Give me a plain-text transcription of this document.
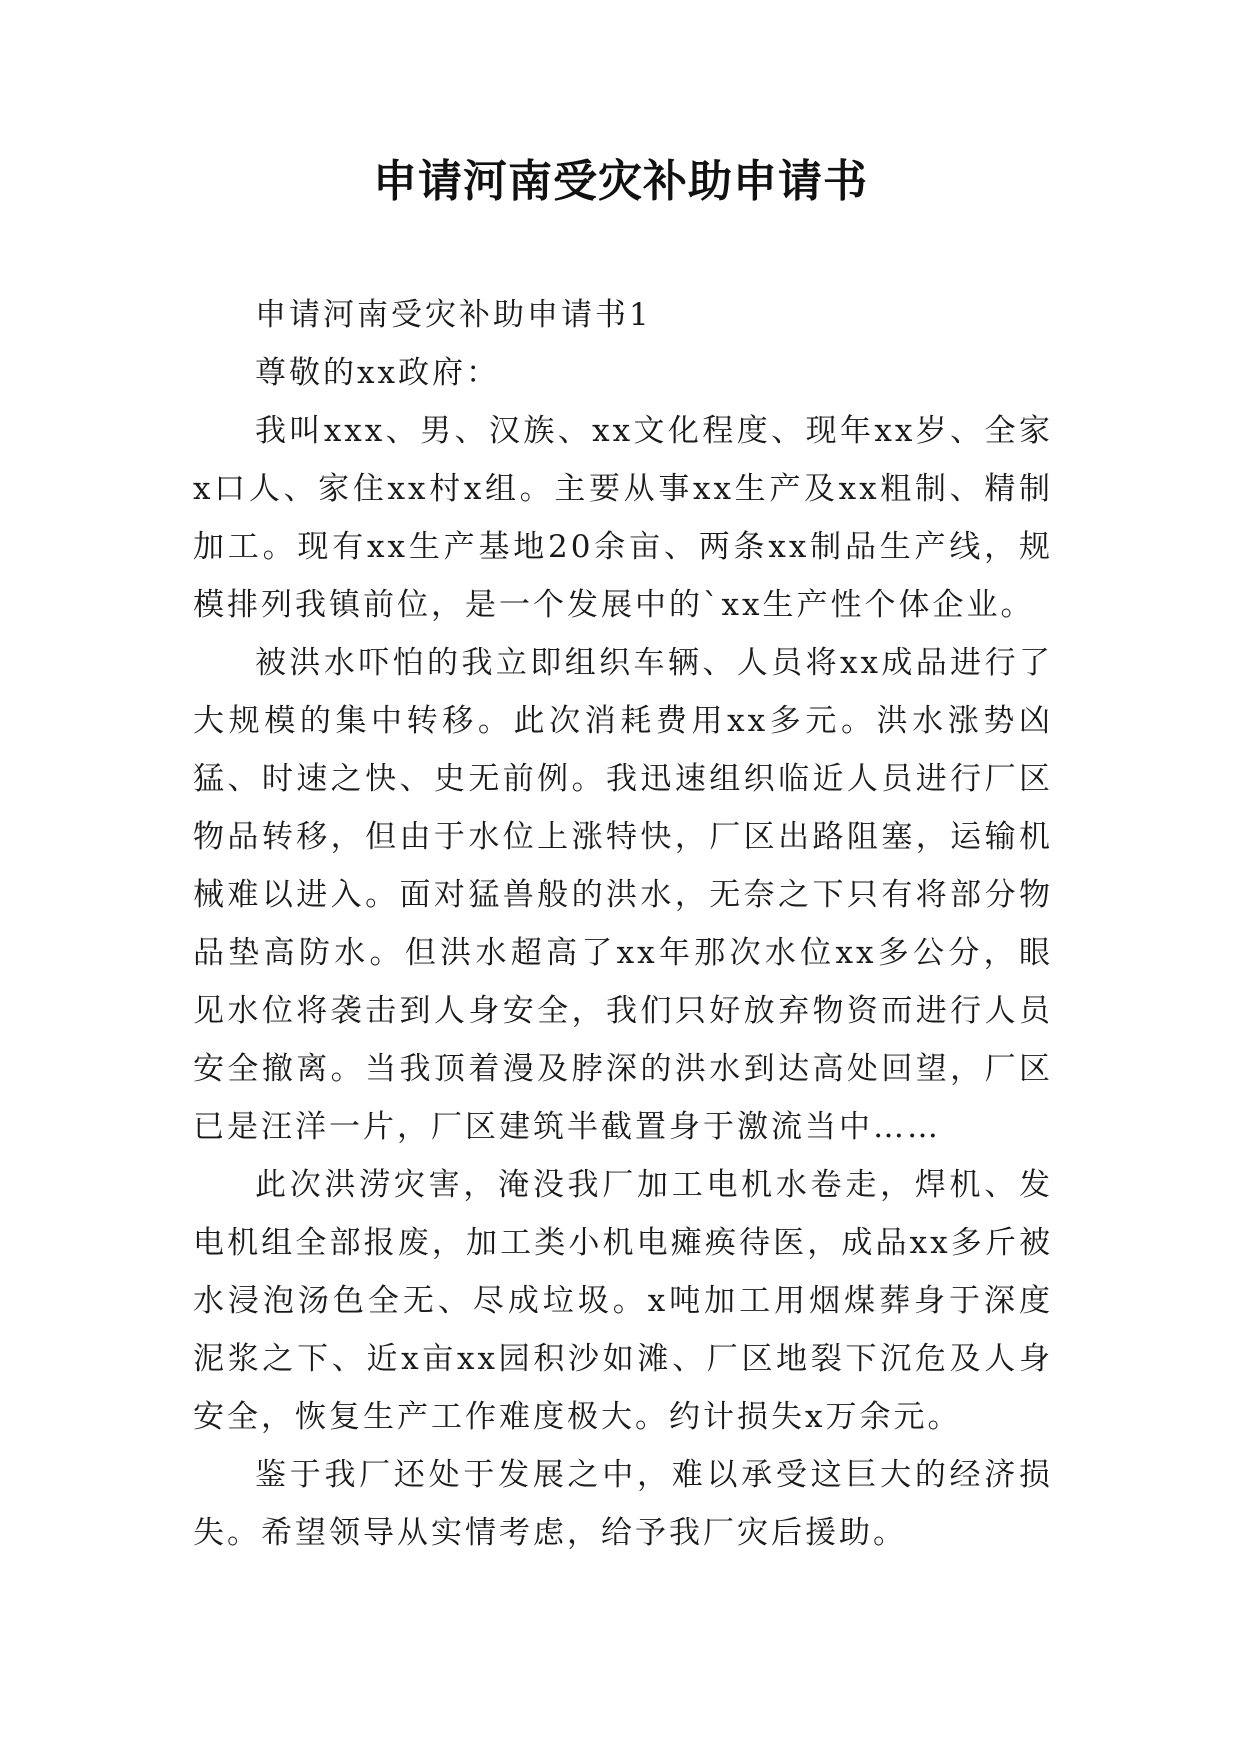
申请河南受灾补助申请书

申请河南受灾补助申请书1

尊敬的xx政府：

我叫xxx、男、汉族、xx文化程度、现年xx岁、全家x口人、家住xx村x组。主要从事xx生产及xx粗制、精制加工。现有xx生产基地20余亩、两条xx制品生产线，规模排列我镇前位，是一个发展中的`xx生产性个体企业。

被洪水吓怕的我立即组织车辆、人员将xx成品进行了大规模的集中转移。此次消耗费用xx多元。洪水涨势凶猛、时速之快、史无前例。我迅速组织临近人员进行厂区物品转移，但由于水位上涨特快，厂区出路阻塞，运输机械难以进入。面对猛兽般的洪水，无奈之下只有将部分物品垫高防水。但洪水超高了xx年那次水位xx多公分，眼见水位将袭击到人身安全，我们只好放弃物资而进行人员安全撤离。当我顶着漫及脖深的洪水到达高处回望，厂区已是汪洋一片，厂区建筑半截置身于激流当中……

此次洪涝灾害，淹没我厂加工电机水卷走，焊机、发电机组全部报废，加工类小机电瘫痪待医，成品xx多斤被水浸泡汤色全无、尽成垃圾。x吨加工用烟煤葬身于深度泥浆之下、近x亩xx园积沙如滩、厂区地裂下沉危及人身安全，恢复生产工作难度极大。约计损失x万余元。

鉴于我厂还处于发展之中，难以承受这巨大的经济损失。希望领导从实情考虑，给予我厂灾后援助。
